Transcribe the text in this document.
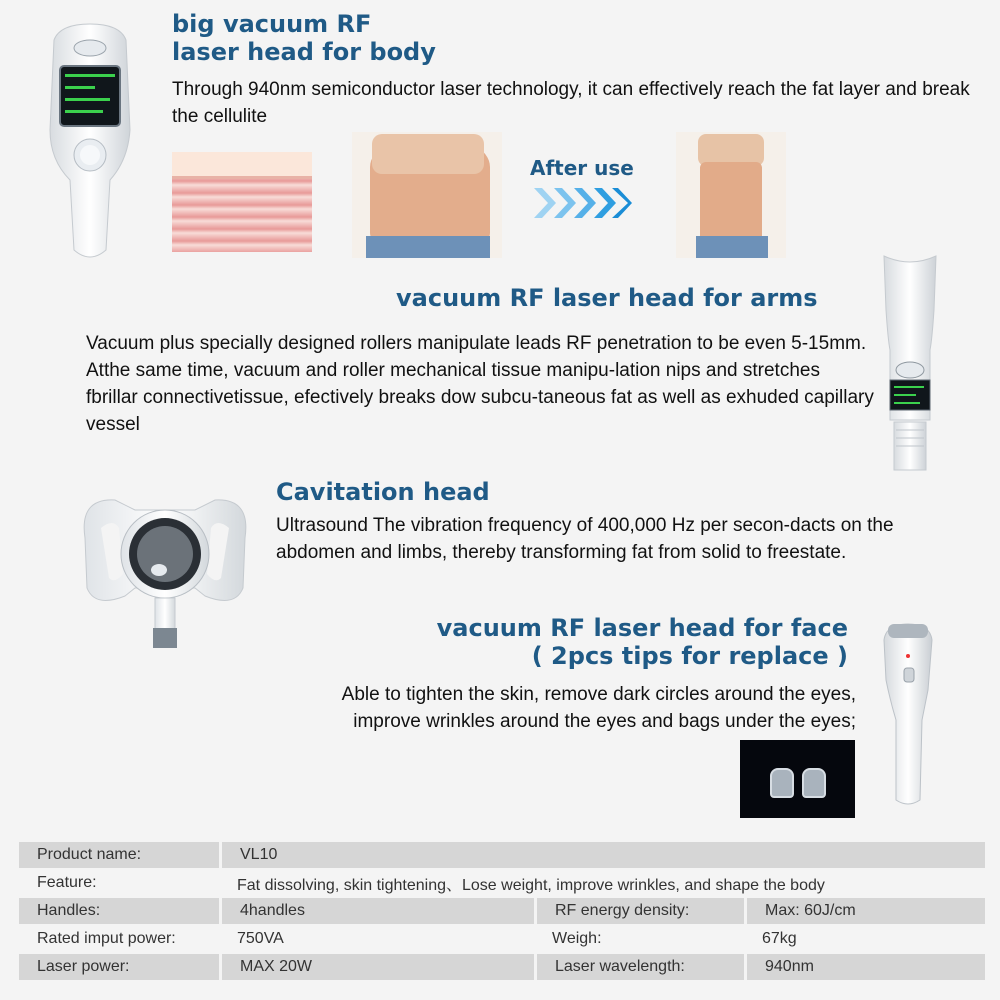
big vacuum RF
laser head for body
Through 940nm semiconductor laser technology, it can effectively reach the fat layer and break the cellulite
After use
vacuum RF laser head for arms
Vacuum plus specially designed rollers manipulate leads RF penetration to be even 5-15mm. Atthe same time, vacuum and roller mechanical tissue manipu-lation nips and stretches fbrillar connectivetissue, efectively breaks dow subcu-taneous fat as well as exhuded capillary vessel
Cavitation head
Ultrasound The vibration frequency of 400,000 Hz per secon-dacts on the abdomen and limbs, thereby transforming fat from solid to freestate.
vacuum RF laser head for face
( 2pcs tips for replace )
Able to tighten the skin, remove dark circles around the eyes,
improve wrinkles around the eyes and bags under the eyes;
Product name:	VL10		
Feature:	Fat dissolving, skin tightening、Lose weight, improve wrinkles, and shape the body		
Handles:	4handles	RF energy density:	Max: 60J/cm
Rated imput power:	750VA	Weigh:	67kg
Laser power:	MAX 20W	Laser wavelength:	940nm
